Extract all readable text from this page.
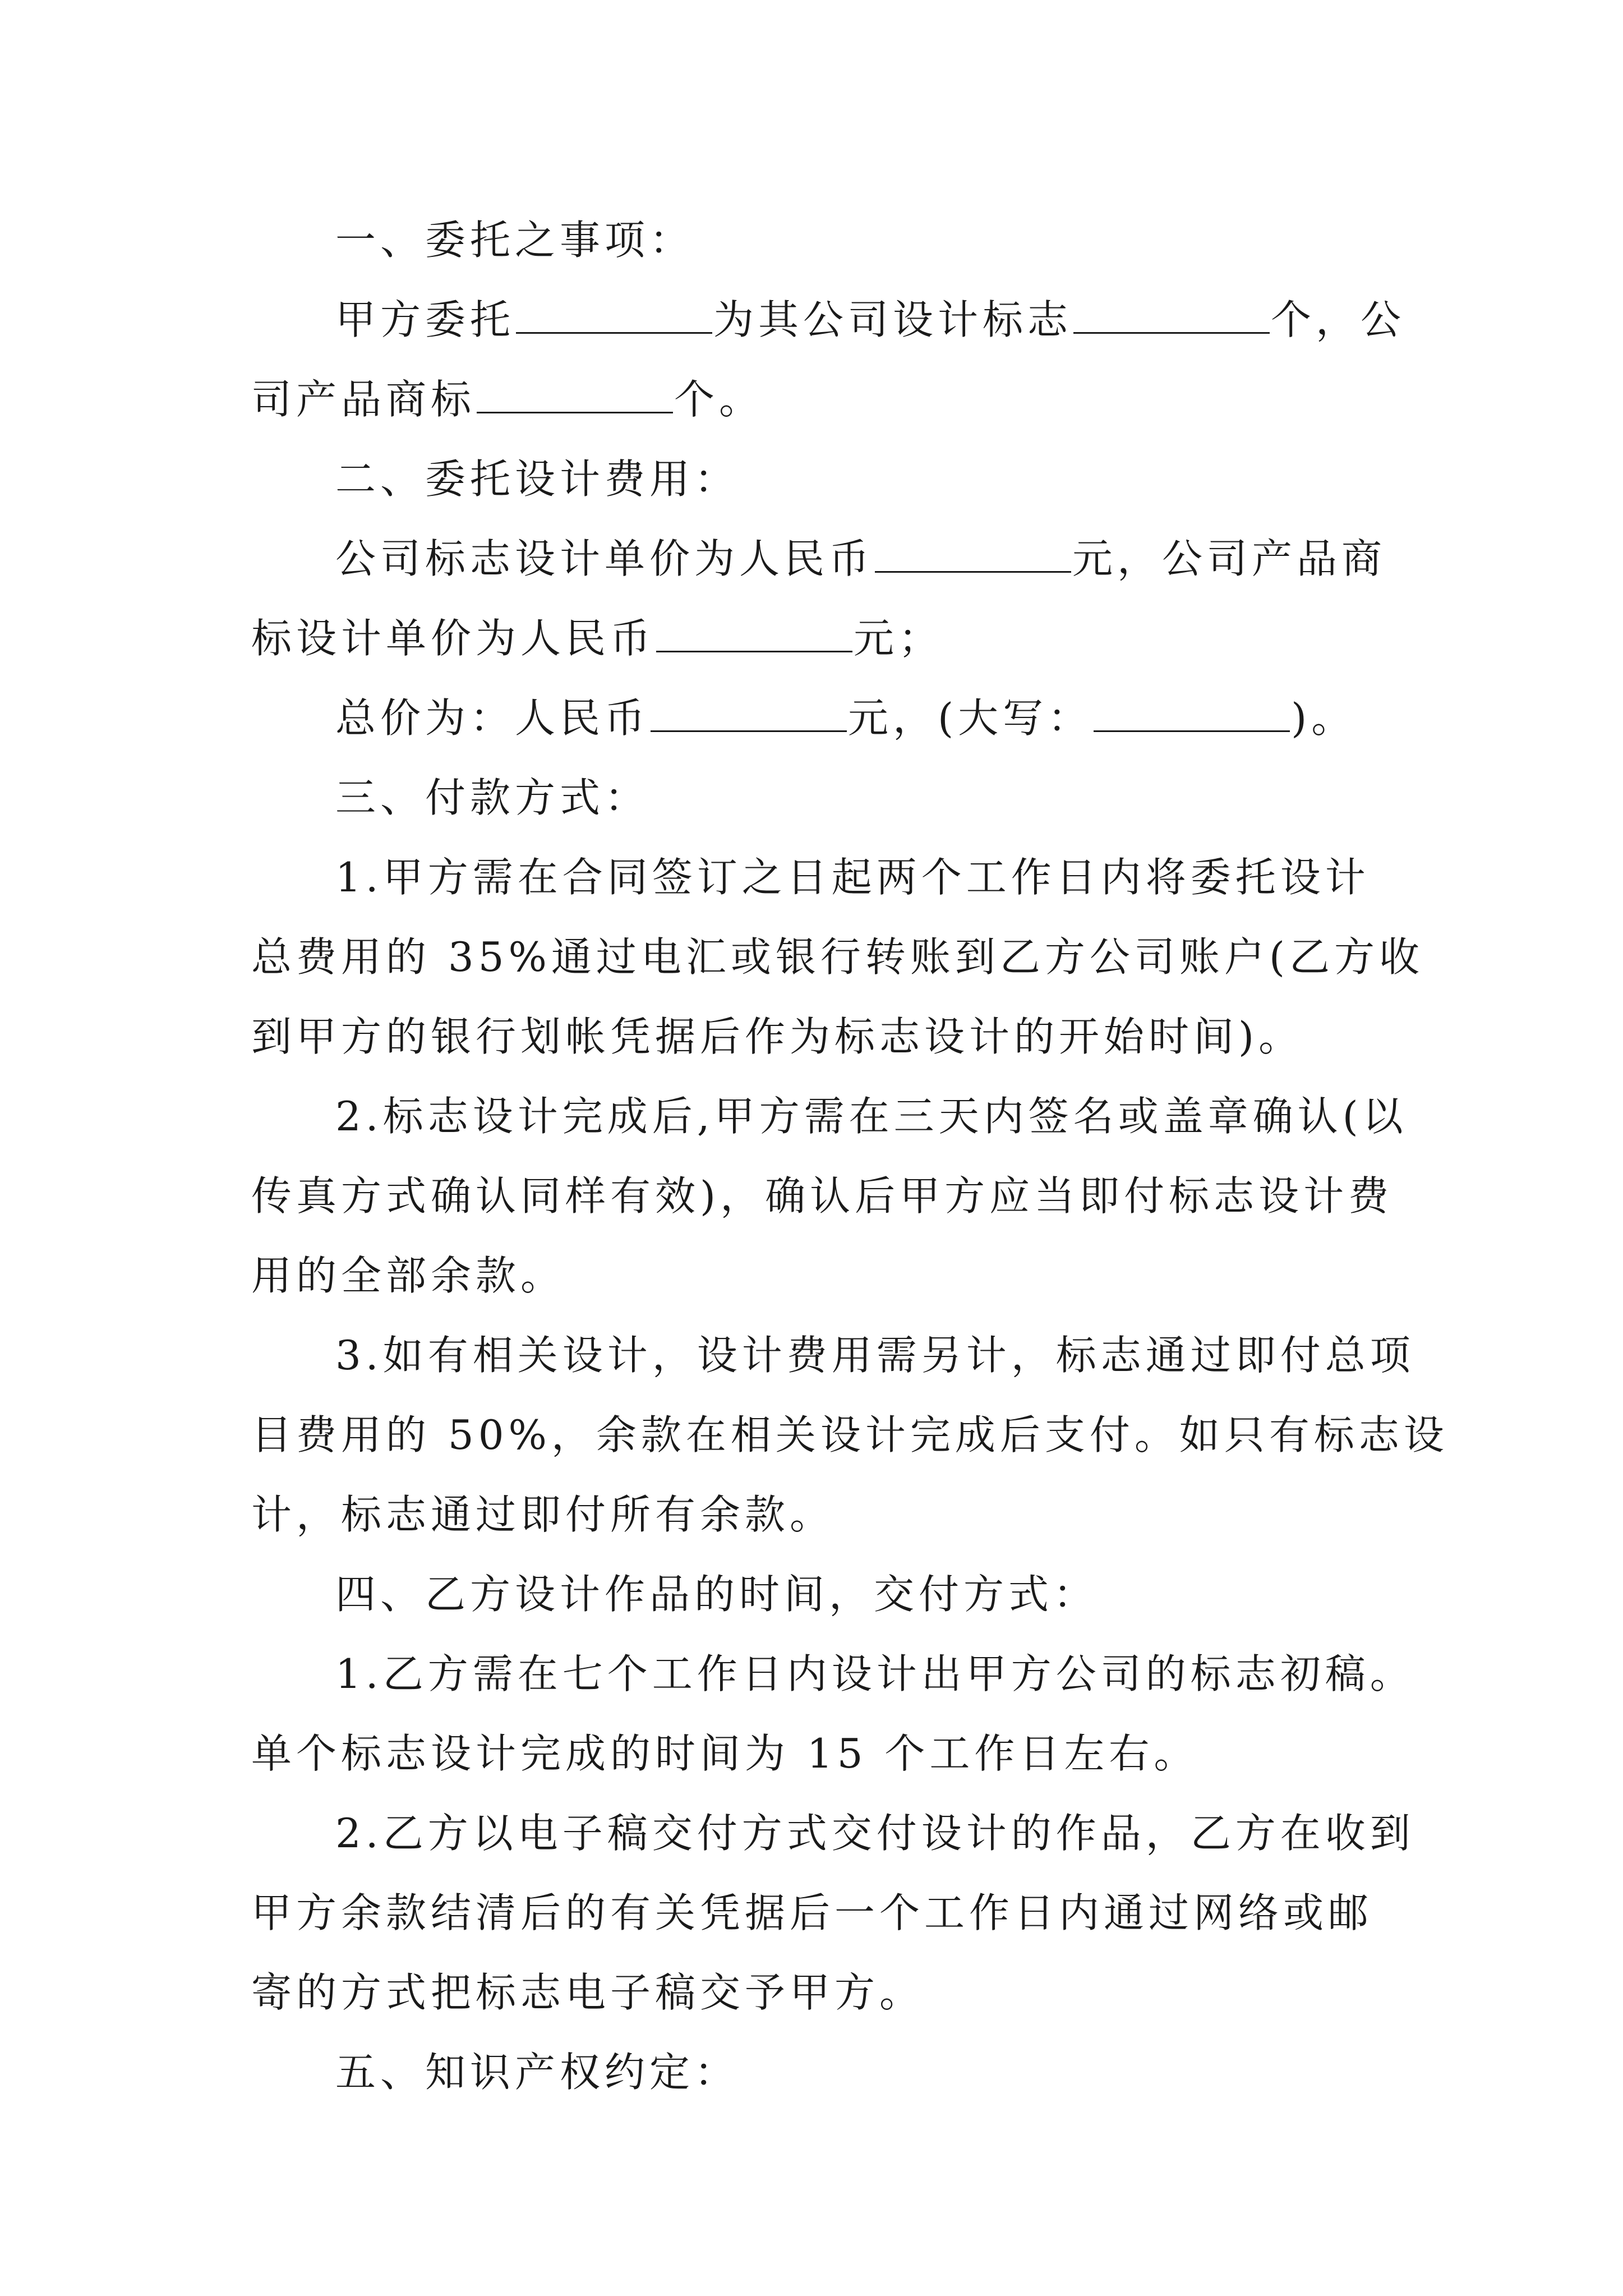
一、委托之事项：
甲方委托	为其公司设计标志	个，公
司产品商标	个。
二、委托设计费用：
公司标志设计单价为人民币	元，公司产品商
标设计单价为人民币	元；
总价为：人民币	元，(大写：	)。
三、付款方式：
1.甲方需在合同签订之日起两个工作日内将委托设计
总费用的 35%通过电汇或银行转账到乙方公司账户(乙方收
到甲方的银行划帐凭据后作为标志设计的开始时间)。
2.标志设计完成后,甲方需在三天内签名或盖章确认(以
传真方式确认同样有效)，确认后甲方应当即付标志设计费
用的全部余款。
3.如有相关设计，设计费用需另计，标志通过即付总项
目费用的 50%，余款在相关设计完成后支付。如只有标志设
计，标志通过即付所有余款。
四、乙方设计作品的时间，交付方式：
1.乙方需在七个工作日内设计出甲方公司的标志初稿。
单个标志设计完成的时间为 15 个工作日左右。
2.乙方以电子稿交付方式交付设计的作品，乙方在收到
甲方余款结清后的有关凭据后一个工作日内通过网络或邮
寄的方式把标志电子稿交予甲方。
五、知识产权约定：
